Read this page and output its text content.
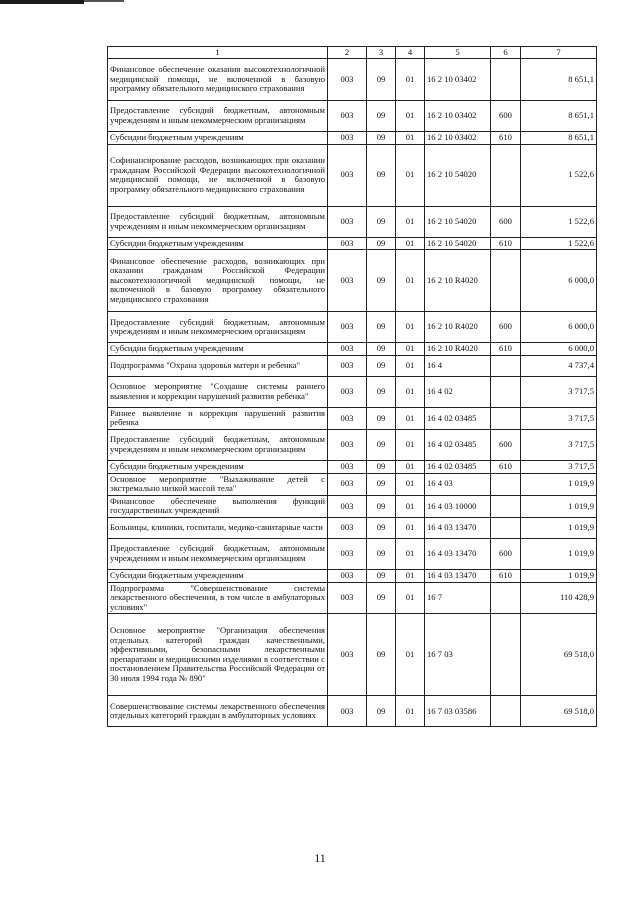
1	2	3	4	5	6	7
Финансовое обеспечение оказания высокотехнологичной медицинской помощи, не включенной в базовую программу обязательного медицинского страхования	003	09	01	16 2 10 03402		8 651,1
Предоставление субсидий бюджетным, автономным учреждениям и иным некоммерческим организациям	003	09	01	16 2 10 03402	600	8 651,1
Субсидии бюджетным учреждениям	003	09	01	16 2 10 03402	610	8 651,1
Софинансирование расходов, возникающих при оказании гражданам Российской Федерации высокотехнологичной медицинской помощи, не включенной в базовую программу обязательного медицинского страхования	003	09	01	16 2 10 54020		1 522,6
Предоставление субсидий бюджетным, автономным учреждениям и иным некоммерческим организациям	003	09	01	16 2 10 54020	600	1 522,6
Субсидии бюджетным учреждениям	003	09	01	16 2 10 54020	610	1 522,6
Финансовое обеспечение расходов, возникающих при оказании гражданам Российской Федерации высокотехнологичной медицинской помощи, не включенной в базовую программу обязательного медицинского страхования	003	09	01	16 2 10 R4020		6 000,0
Предоставление субсидий бюджетным, автономным учреждениям и иным некоммерческим организациям	003	09	01	16 2 10 R4020	600	6 000,0
Субсидии бюджетным учреждениям	003	09	01	16 2 10 R4020	610	6 000,0
Подпрограмма "Охрана здоровья матери и ребенка"	003	09	01	16 4		4 737,4
Основное мероприятие "Создание системы раннего выявления и коррекции нарушений развития ребенка"	003	09	01	16 4 02		3 717,5
Раннее выявление и коррекция нарушений развития ребенка	003	09	01	16 4 02 03485		3 717,5
Предоставление субсидий бюджетным, автономным учреждениям и иным некоммерческим организациям	003	09	01	16 4 02 03485	600	3 717,5
Субсидии бюджетным учреждениям	003	09	01	16 4 02 03485	610	3 717,5
Основное мероприятие "Выхаживание детей с экстремально низкой массой тела"	003	09	01	16 4 03		1 019,9
Финансовое обеспечение выполнения функций государственных учреждений	003	09	01	16 4 03 10000		1 019,9
Больницы, клиники, госпитали, медико-санитарные части	003	09	01	16 4 03 13470		1 019,9
Предоставление субсидий бюджетным, автономным учреждениям и иным некоммерческим организациям	003	09	01	16 4 03 13470	600	1 019,9
Субсидии бюджетным учреждениям	003	09	01	16 4 03 13470	610	1 019,9
Подпрограмма "Совершенствование системы лекарственного обеспечения, в том числе в амбулаторных условиях"	003	09	01	16 7		110 428,9
Основное мероприятие "Организация обеспечения отдельных категорий граждан качественными, эффективными, безопасными лекарственными препаратами и медицинскими изделиями в соответствии с постановлением Правительства Российской Федерации от 30 июля 1994 года № 890"	003	09	01	16 7 03		69 518,0
Совершенствование системы лекарственного обеспечения отдельных категорий граждан в амбулаторных условиях	003	09	01	16 7 03 03586		69 518,0
11
